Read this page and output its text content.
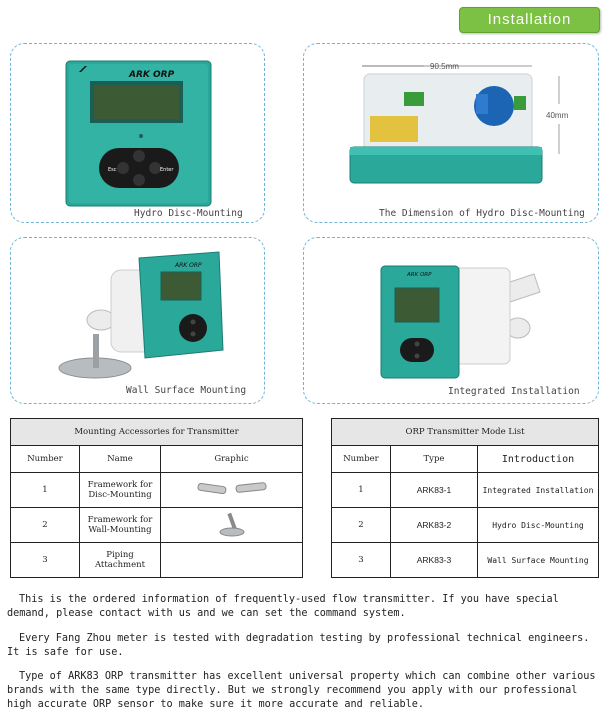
Installation
ARK ORP
Esc	Enter
Hydro Disc-Mounting
90.5mm
40mm
The Dimension of Hydro Disc-Mounting
ARK ORP
Wall Surface Mounting
ARK ORP
Integrated Installation
Mounting Accessories for Transmitter		
Number	Name	Graphic
1	Framework for Disc-Mounting	
2	Framework for Wall-Mounting	
3	Piping Attachment	
ORP Transmitter Mode List		
Number	Type	Introduction
1	ARK83-1	Integrated Installation
2	ARK83-2	Hydro Disc-Mounting
3	ARK83-3	Wall Surface Mounting
This is the ordered information of frequently-used flow transmitter. If you have special demand, please contact with us and we can set the command system.
Every Fang Zhou meter is tested with degradation testing by professional technical engineers. It is safe for use.
Type of ARK83 ORP transmitter has excellent universal property which can combine other various brands with the same type directly. But we strongly recommend you apply with our professional high accurate ORP sensor to make sure it more accurate and reliable.
